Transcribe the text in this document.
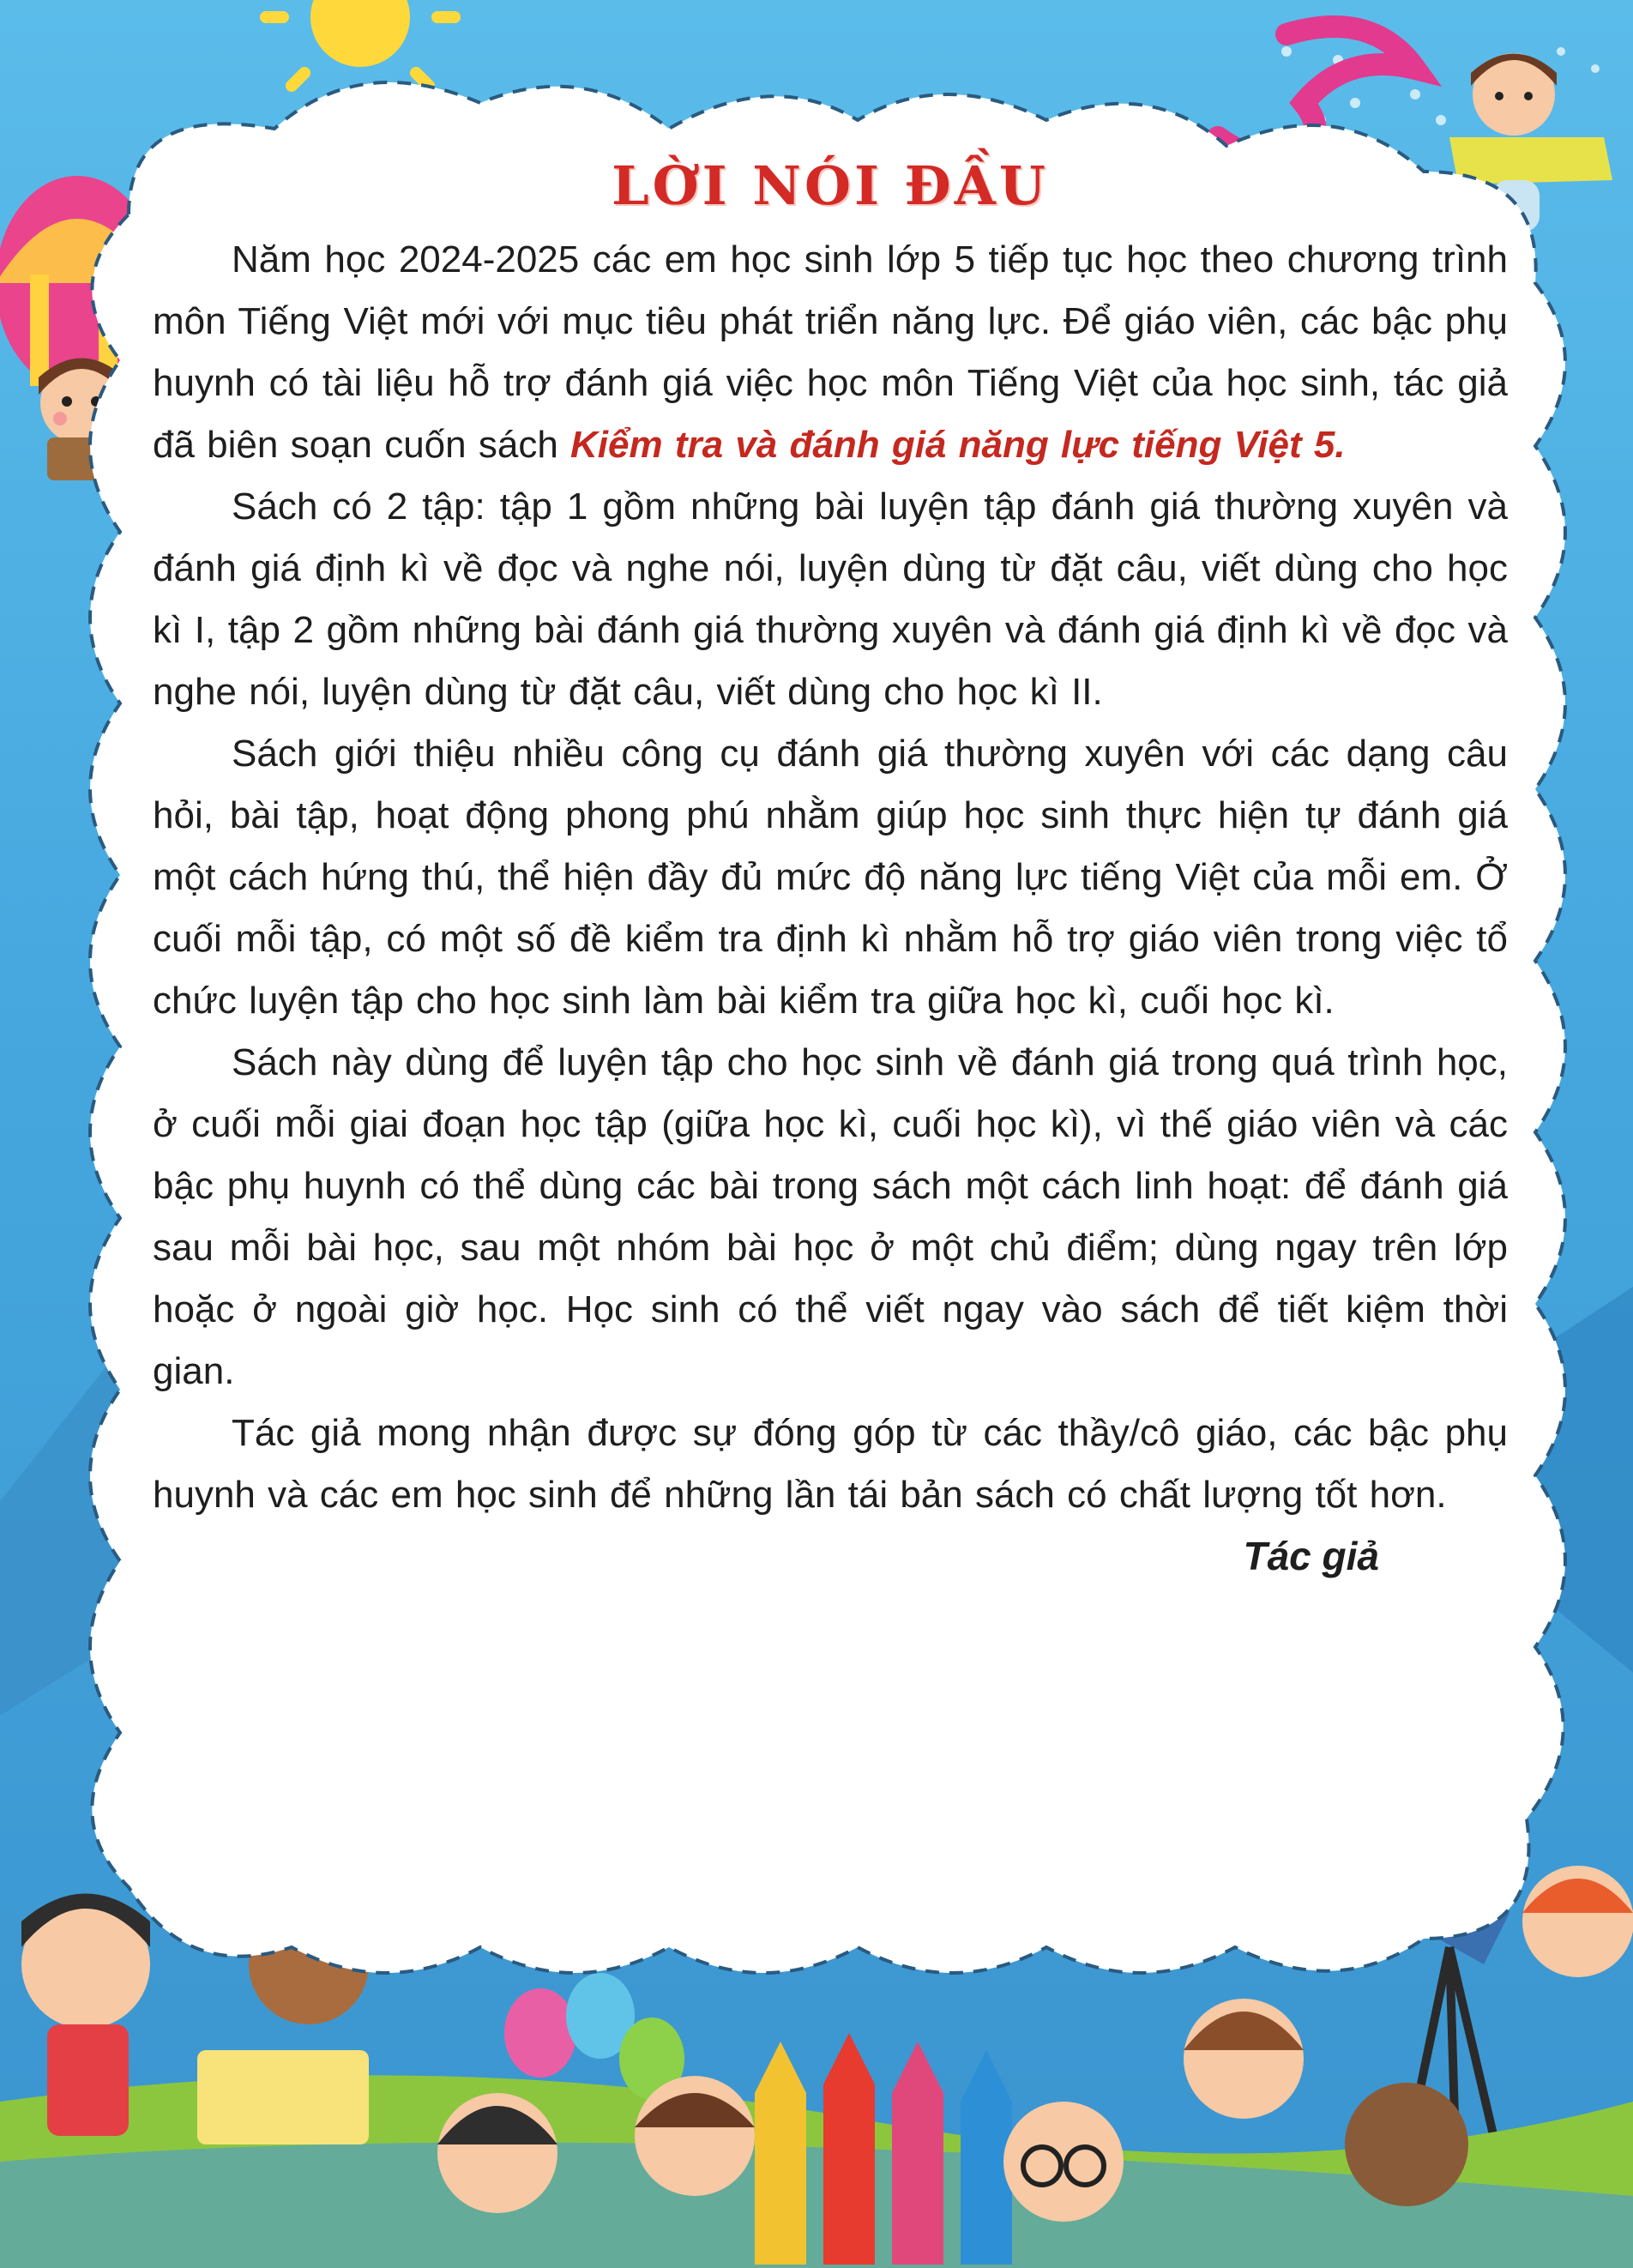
LỜI NÓI ĐẦU

Năm học 2024-2025 các em học sinh lớp 5 tiếp tục học theo chương trình môn Tiếng Việt mới với mục tiêu phát triển năng lực. Để giáo viên, các bậc phụ huynh có tài liệu hỗ trợ đánh giá việc học môn Tiếng Việt của học sinh, tác giả đã biên soạn cuốn sách Kiểm tra và đánh giá năng lực tiếng Việt 5.

Sách có 2 tập: tập 1 gồm những bài luyện tập đánh giá thường xuyên và đánh giá định kì về đọc và nghe nói, luyện dùng từ đặt câu, viết dùng cho học kì I, tập 2 gồm những bài đánh giá thường xuyên và đánh giá định kì về đọc và nghe nói, luyện dùng từ đặt câu, viết dùng cho học kì II.

Sách giới thiệu nhiều công cụ đánh giá thường xuyên với các dạng câu hỏi, bài tập, hoạt động phong phú nhằm giúp học sinh thực hiện tự đánh giá một cách hứng thú, thể hiện đầy đủ mức độ năng lực tiếng Việt của mỗi em. Ở cuối mỗi tập, có một số đề kiểm tra định kì nhằm hỗ trợ giáo viên trong việc tổ chức luyện tập cho học sinh làm bài kiểm tra giữa học kì, cuối học kì.

Sách này dùng để luyện tập cho học sinh về đánh giá trong quá trình học, ở cuối mỗi giai đoạn học tập (giữa học kì, cuối học kì), vì thế giáo viên và các bậc phụ huynh có thể dùng các bài trong sách một cách linh hoạt: để đánh giá sau mỗi bài học, sau một nhóm bài học ở một chủ điểm; dùng ngay trên lớp hoặc ở ngoài giờ học. Học sinh có thể viết ngay vào sách để tiết kiệm thời gian.

Tác giả mong nhận được sự đóng góp từ các thầy/cô giáo, các bậc phụ huynh và các em học sinh để những lần tái bản sách có chất lượng tốt hơn.

Tác giả
